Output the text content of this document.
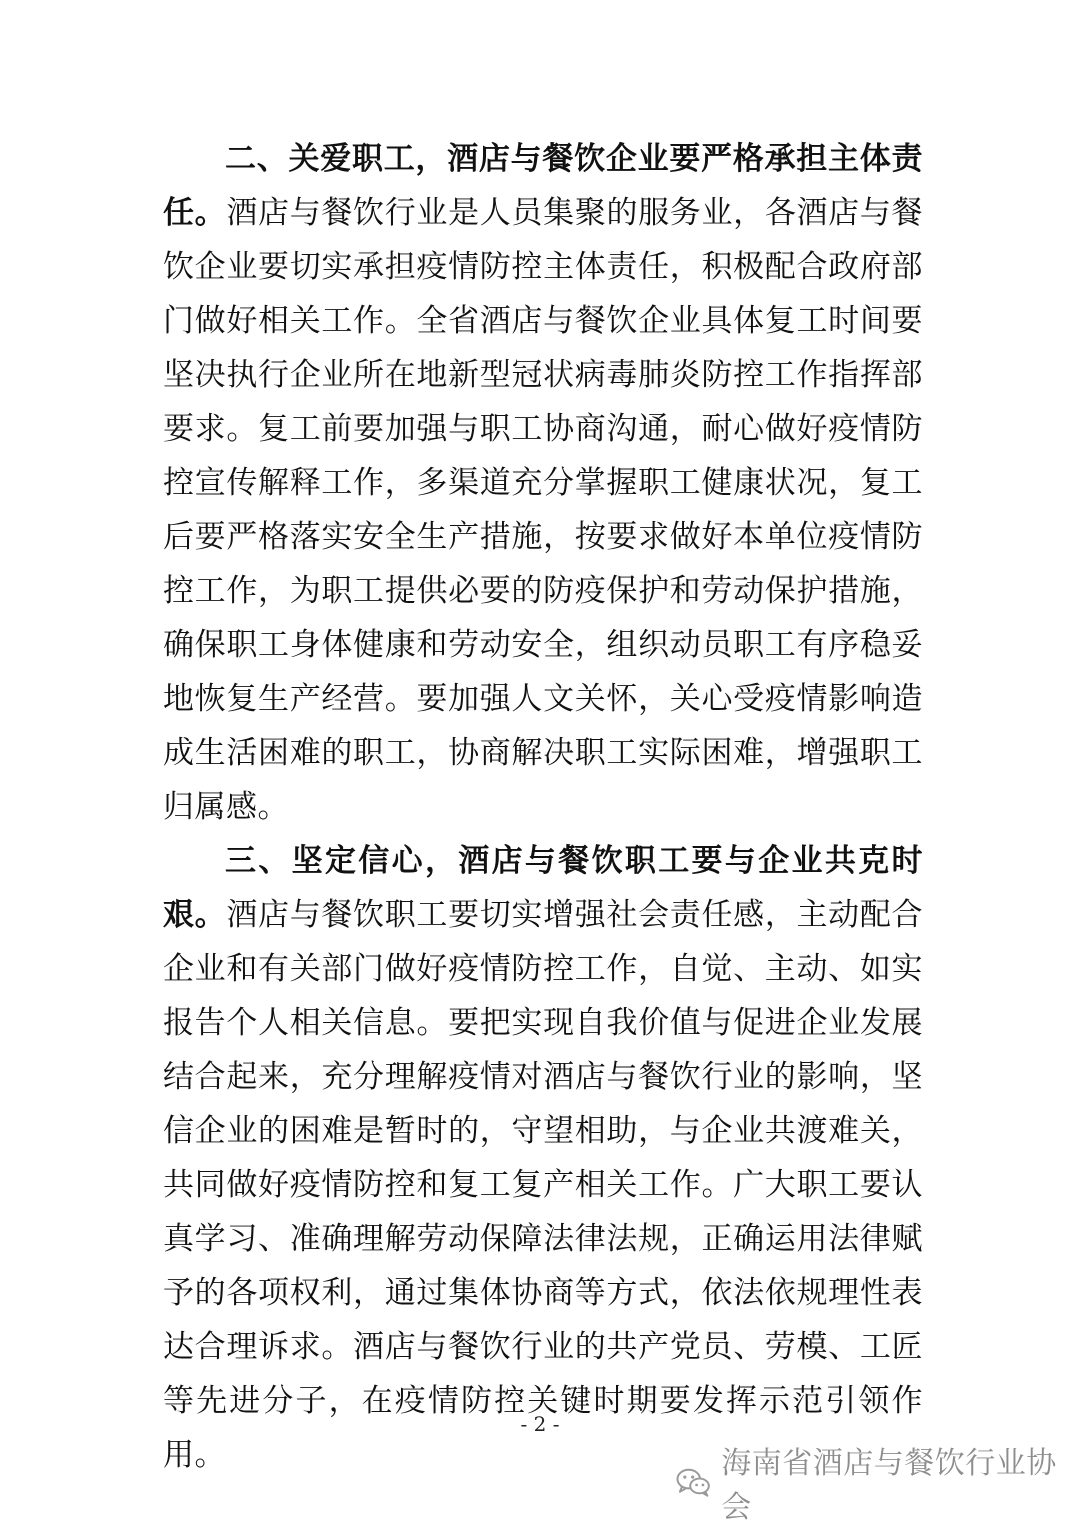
二、关爱职工，酒店与餐饮企业要严格承担主体责任。酒店与餐饮行业是人员集聚的服务业，各酒店与餐饮企业要切实承担疫情防控主体责任，积极配合政府部门做好相关工作。全省酒店与餐饮企业具体复工时间要坚决执行企业所在地新型冠状病毒肺炎防控工作指挥部要求。复工前要加强与职工协商沟通，耐心做好疫情防控宣传解释工作，多渠道充分掌握职工健康状况，复工后要严格落实安全生产措施，按要求做好本单位疫情防控工作，为职工提供必要的防疫保护和劳动保护措施，确保职工身体健康和劳动安全，组织动员职工有序稳妥地恢复生产经营。要加强人文关怀，关心受疫情影响造成生活困难的职工，协商解决职工实际困难，增强职工归属感。

三、坚定信心，酒店与餐饮职工要与企业共克时艰。酒店与餐饮职工要切实增强社会责任感，主动配合企业和有关部门做好疫情防控工作，自觉、主动、如实报告个人相关信息。要把实现自我价值与促进企业发展结合起来，充分理解疫情对酒店与餐饮行业的影响，坚信企业的困难是暂时的，守望相助，与企业共渡难关，共同做好疫情防控和复工复产相关工作。广大职工要认真学习、准确理解劳动保障法律法规，正确运用法律赋予的各项权利，通过集体协商等方式，依法依规理性表达合理诉求。酒店与餐饮行业的共产党员、劳模、工匠等先进分子，在疫情防控关键时期要发挥示范引领作用。

- 2 -
海南省酒店与餐饮行业协会
